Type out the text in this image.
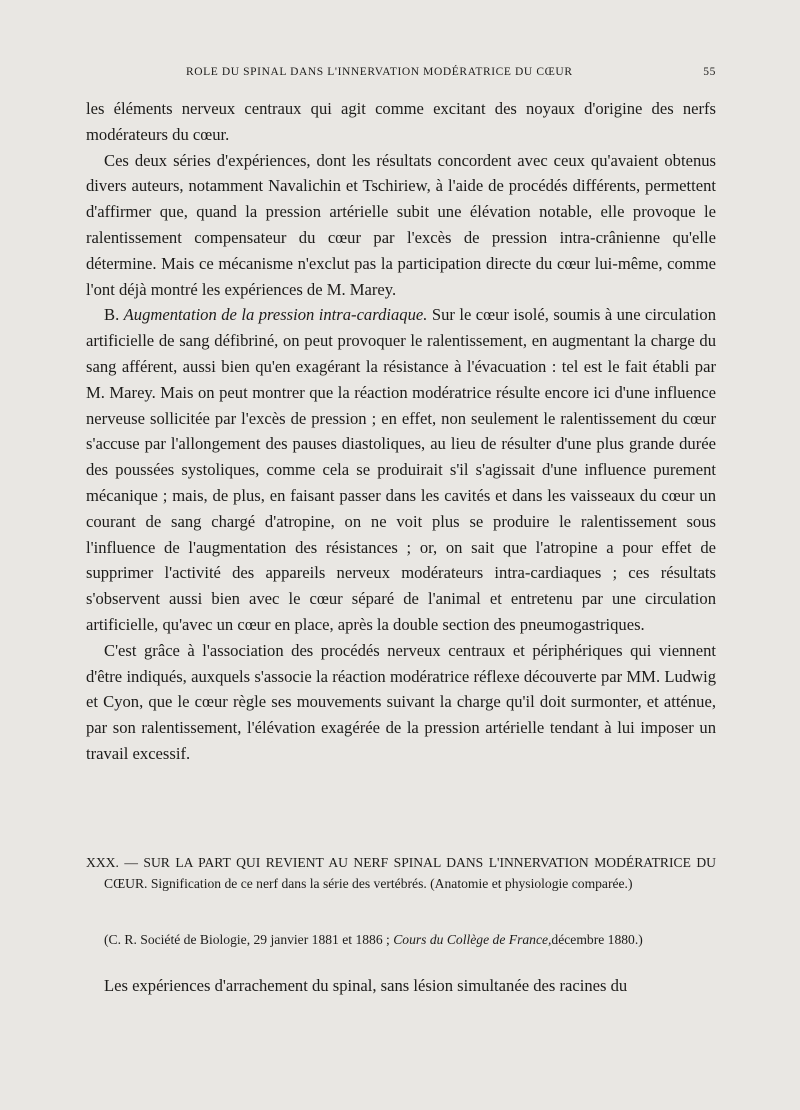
ROLE DU SPINAL DANS L'INNERVATION MODÉRATRICE DU CŒUR	55

les éléments nerveux centraux qui agit comme excitant des noyaux d'origine des nerfs modérateurs du cœur.

Ces deux séries d'expériences, dont les résultats concordent avec ceux qu'avaient obtenus divers auteurs, notamment Navalichin et Tschiriew, à l'aide de procédés différents, permettent d'affirmer que, quand la pression artérielle subit une élévation notable, elle provoque le ralentissement compensateur du cœur par l'excès de pression intra-crânienne qu'elle détermine. Mais ce mécanisme n'exclut pas la participation directe du cœur lui-même, comme l'ont déjà montré les expériences de M. Marey.

B. Augmentation de la pression intra-cardiaque. Sur le cœur isolé, soumis à une circulation artificielle de sang défibriné, on peut provoquer le ralentissement, en augmentant la charge du sang afférent, aussi bien qu'en exagérant la résistance à l'évacuation : tel est le fait établi par M. Marey. Mais on peut montrer que la réaction modératrice résulte encore ici d'une influence nerveuse sollicitée par l'excès de pression ; en effet, non seulement le ralentissement du cœur s'accuse par l'allongement des pauses diastoliques, au lieu de résulter d'une plus grande durée des poussées systoliques, comme cela se produirait s'il s'agissait d'une influence purement mécanique ; mais, de plus, en faisant passer dans les cavités et dans les vaisseaux du cœur un courant de sang chargé d'atropine, on ne voit plus se produire le ralentissement sous l'influence de l'augmentation des résistances ; or, on sait que l'atropine a pour effet de supprimer l'activité des appareils nerveux modérateurs intra-cardiaques ; ces résultats s'observent aussi bien avec le cœur séparé de l'animal et entretenu par une circulation artificielle, qu'avec un cœur en place, après la double section des pneumogastriques.

C'est grâce à l'association des procédés nerveux centraux et périphériques qui viennent d'être indiqués, auxquels s'associe la réaction modératrice réflexe découverte par MM. Ludwig et Cyon, que le cœur règle ses mouvements suivant la charge qu'il doit surmonter, et atténue, par son ralentissement, l'élévation exagérée de la pression artérielle tendant à lui imposer un travail excessif.

XXX. — SUR LA PART QUI REVIENT AU NERF SPINAL DANS L'INNERVATION MODÉRATRICE DU CŒUR. Signification de ce nerf dans la série des vertébrés. (Anatomie et physiologie comparée.)

(C. R. Société de Biologie, 29 janvier 1881 et 1886 ; Cours du Collège de France,décembre 1880.)
Les expériences d'arrachement du spinal, sans lésion simultanée des racines du
